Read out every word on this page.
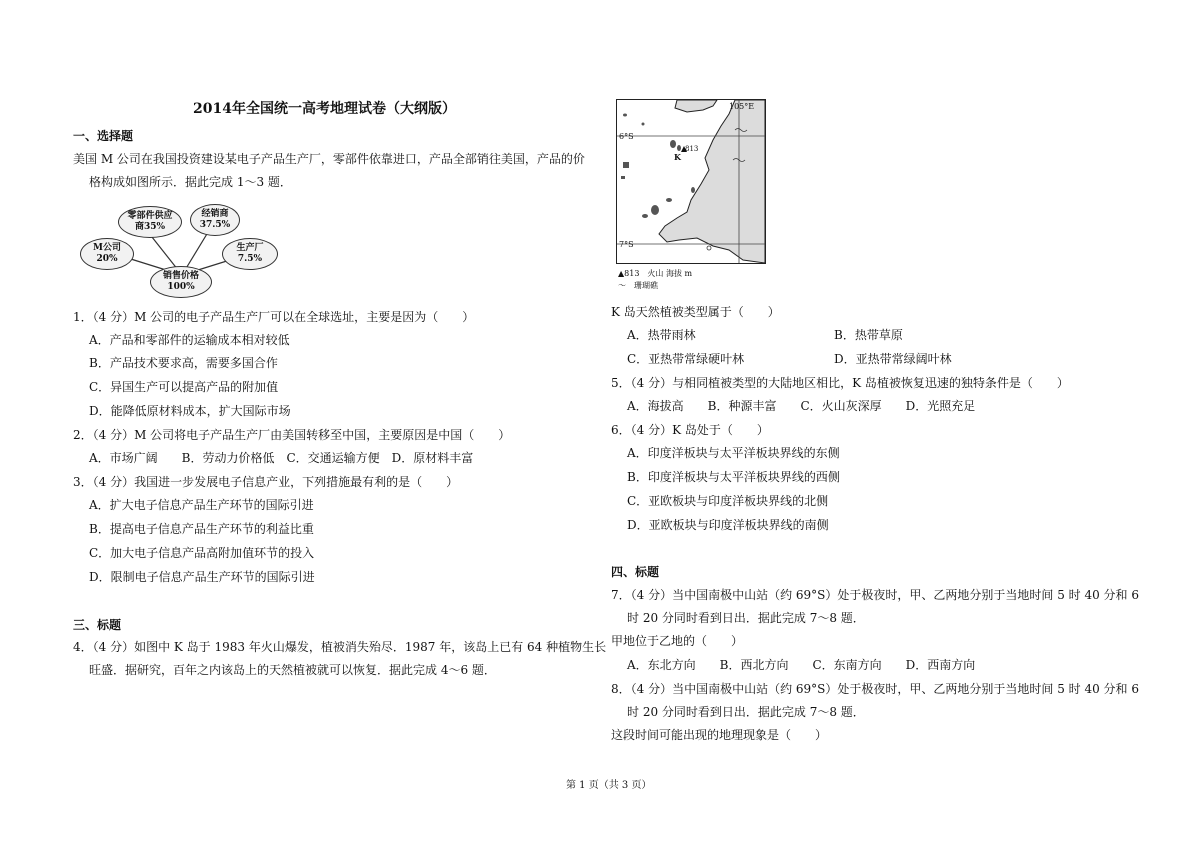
2014年全国统一高考地理试卷（大纲版）
一、选择题
美国 M 公司在我国投资建设某电子产品生产厂，零部件依靠进口，产品全部销往美国，产品的价
格构成如图所示．据此完成 1～3 题．
零部件供应
商35%
经销商
37.5%
M公司
20%
生产厂
7.5%
销售价格
100%
1．（4 分）M 公司的电子产品生产厂可以在全球选址，主要是因为（　　）
A．产品和零部件的运输成本相对较低
B．产品技术要求高，需要多国合作
C．异国生产可以提高产品的附加值
D．能降低原材料成本，扩大国际市场
2．（4 分）M 公司将电子产品生产厂由美国转移至中国，主要原因是中国（　　）
A．市场广阔　　B．劳动力价格低　C．交通运输方便　D．原材料丰富
3．（4 分）我国进一步发展电子信息产业，下列措施最有利的是（　　）
A．扩大电子信息产品生产环节的国际引进
B．提高电子信息产品生产环节的利益比重
C．加大电子信息产品高附加值环节的投入
D．限制电子信息产品生产环节的国际引进
三、标题
4．（4 分）如图中 K 岛于 1983 年火山爆发，植被消失殆尽．1987 年，该岛上已有 64 种植物生长
旺盛．据研究，百年之内该岛上的天然植被就可以恢复．据此完成 4～6 题．
105°E
6°S
7°S
K
813
▲813　火山 海拔 m
〜　珊瑚礁
K 岛天然植被类型属于（　　）
A．热带雨林	B．热带草原
C．亚热带常绿硬叶林	D．亚热带常绿阔叶林
5．（4 分）与相同植被类型的大陆地区相比，K 岛植被恢复迅速的独特条件是（　　）
A．海拔高　　B．种源丰富　　C．火山灰深厚　　D．光照充足
6．（4 分）K 岛处于（　　）
A．印度洋板块与太平洋板块界线的东侧
B．印度洋板块与太平洋板块界线的西侧
C．亚欧板块与印度洋板块界线的北侧
D．亚欧板块与印度洋板块界线的南侧
四、标题
7．（4 分）当中国南极中山站（约 69°S）处于极夜时，甲、乙两地分别于当地时间 5 时 40 分和 6
时 20 分同时看到日出．据此完成 7～8 题．
甲地位于乙地的（　　）
A．东北方向　　B．西北方向　　C．东南方向　　D．西南方向
8．（4 分）当中国南极中山站（约 69°S）处于极夜时，甲、乙两地分别于当地时间 5 时 40 分和 6
时 20 分同时看到日出．据此完成 7～8 题．
这段时间可能出现的地理现象是（　　）
第 1 页（共 3 页）
